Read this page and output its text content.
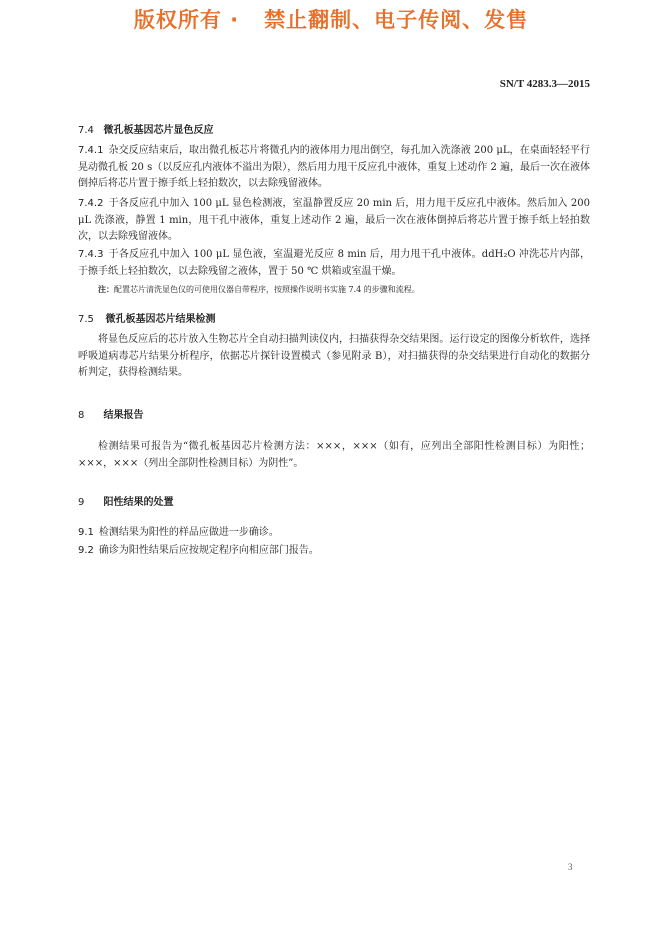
版权所有 ·   禁止翻制、电子传阅、发售
SN/T 4283.3—2015
7.4 微孔板基因芯片显色反应
7.4.1 杂交反应结束后，取出微孔板芯片将微孔内的液体用力甩出倒空，每孔加入洗涤液 200 μL，在桌面轻轻平行晃动微孔板 20 s（以反应孔内液体不溢出为限），然后用力甩干反应孔中液体，重复上述动作 2 遍，最后一次在液体倒掉后将芯片置于擦手纸上轻拍数次，以去除残留液体。
7.4.2 于各反应孔中加入 100 μL 显色检测液，室温静置反应 20 min 后，用力甩干反应孔中液体。然后加入 200 μL 洗涤液，静置 1 min，甩干孔中液体，重复上述动作 2 遍，最后一次在液体倒掉后将芯片置于擦手纸上轻拍数次，以去除残留液体。
7.4.3 于各反应孔中加入 100 μL 显色液，室温避光反应 8 min 后，用力甩干孔中液体。ddH₂O 冲洗芯片内部，于擦手纸上轻拍数次，以去除残留之液体，置于 50 ℃ 烘箱或室温干燥。
注：配置芯片清洗显色仪的可使用仪器自带程序，按照操作说明书实施 7.4 的步骤和流程。
7.5 微孔板基因芯片结果检测
将显色反应后的芯片放入生物芯片全自动扫描判读仪内，扫描获得杂交结果图。运行设定的图像分析软件，选择呼吸道病毒芯片结果分析程序，依据芯片探针设置模式（参见附录 B），对扫描获得的杂交结果进行自动化的数据分析判定，获得检测结果。
8 结果报告
检测结果可报告为“微孔板基因芯片检测方法：×××，×××（如有，应列出全部阳性检测目标）为阳性；×××，×××（列出全部阴性检测目标）为阴性”。
9 阳性结果的处置
9.1 检测结果为阳性的样品应做进一步确诊。
9.2 确诊为阳性结果后应按规定程序向相应部门报告。
3
